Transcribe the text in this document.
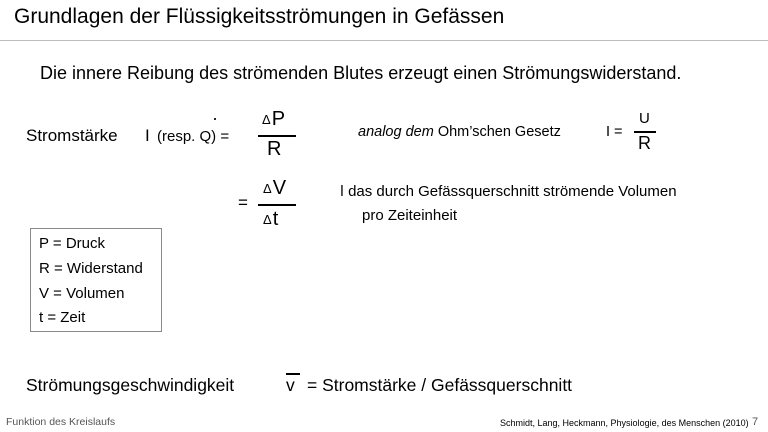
Grundlagen der Flüssigkeitsströmungen in Gefässen
Die innere Reibung des strömenden Blutes erzeugt einen Strömungswiderstand.
Stromstärke I (resp. Q) =
·	ΔP
R
=
ΔV
Δt
analog dem Ohm’schen Gesetz	I =
U
R
ǀ das durch Gefässquerschnitt strömende Volumen
pro Zeiteinheit
P = Druck
R = Widerstand
V = Volumen
t = Zeit
Strömungsgeschwindigkeit	v = Stromstärke / Gefässquerschnitt
Funktion des Kreislaufs	Schmidt, Lang, Heckmann, Physiologie, des Menschen (2010) 7
